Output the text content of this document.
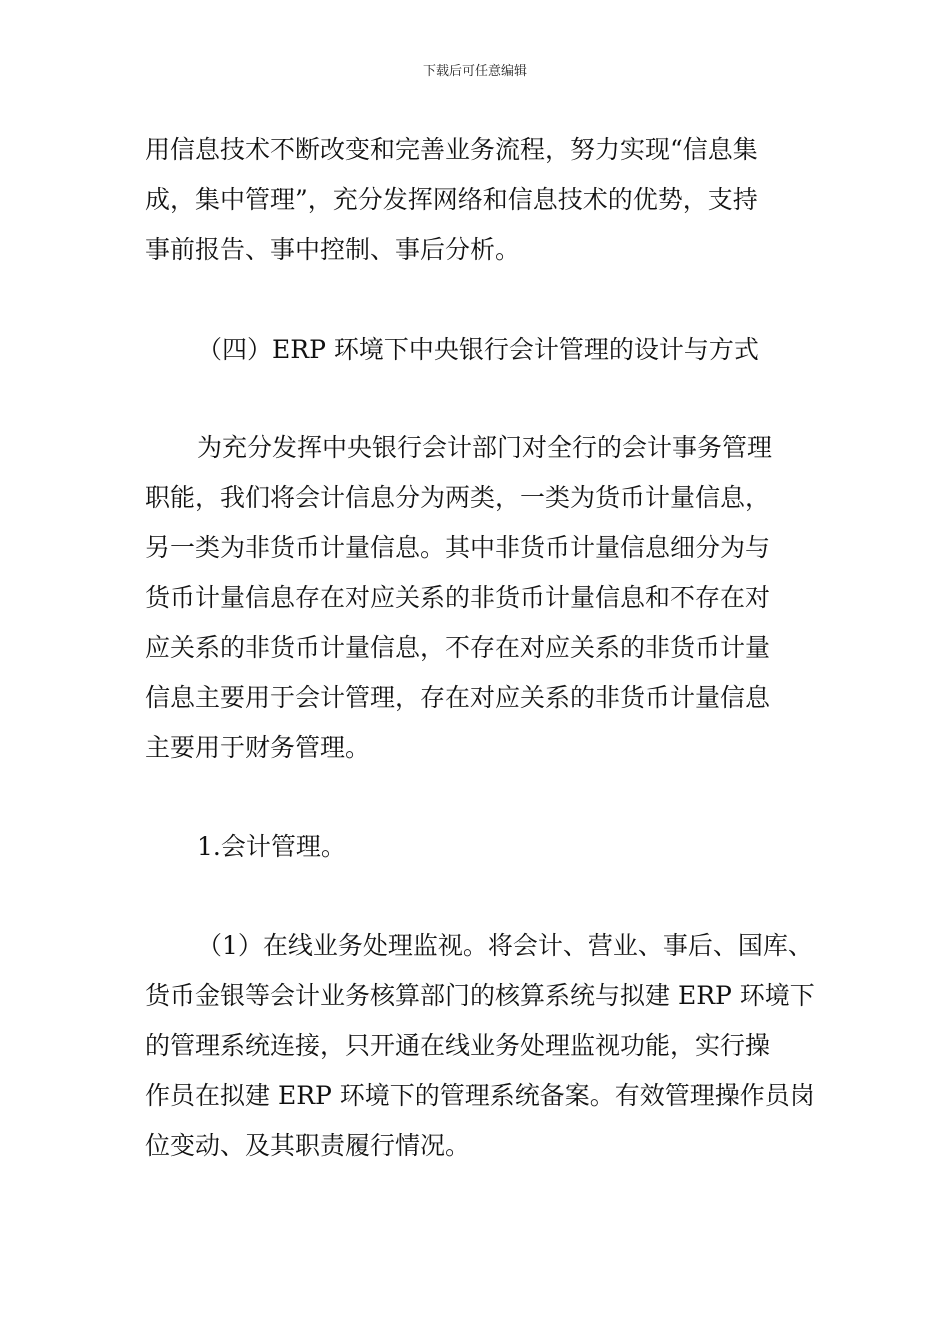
下载后可任意编辑
用信息技术不断改变和完善业务流程，努力实现“信息集
成，集中管理”，充分发挥网络和信息技术的优势，支持
事前报告、事中控制、事后分析。
（四）ERP 环境下中央银行会计管理的设计与方式
为充分发挥中央银行会计部门对全行的会计事务管理
职能，我们将会计信息分为两类，一类为货币计量信息，
另一类为非货币计量信息。其中非货币计量信息细分为与
货币计量信息存在对应关系的非货币计量信息和不存在对
应关系的非货币计量信息，不存在对应关系的非货币计量
信息主要用于会计管理，存在对应关系的非货币计量信息
主要用于财务管理。
1.会计管理。
（1）在线业务处理监视。将会计、营业、事后、国库、
货币金银等会计业务核算部门的核算系统与拟建 ERP 环境下
的管理系统连接，只开通在线业务处理监视功能，实行操
作员在拟建 ERP 环境下的管理系统备案。有效管理操作员岗
位变动、及其职责履行情况。
